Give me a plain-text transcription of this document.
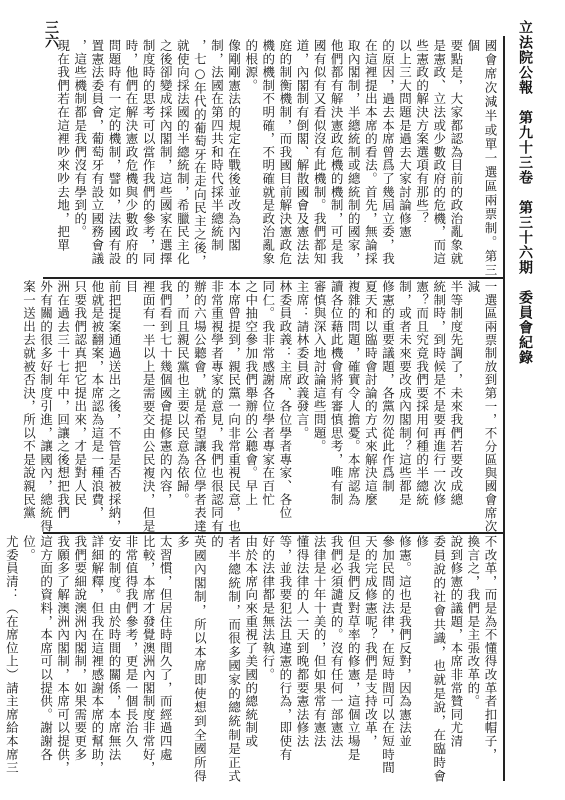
立法院公報　第九十三卷　第三十六期　委員會紀錄
三六
國會席次減半或單一選區兩票制。第三個
要點是，大家都認為目前的政治亂象就
是憲政、立法或少數政府的危機，而這
些憲政的解決方案選項有那些？
以上三大問題是過去大家討論修憲
的原因，過去本席曾爲了幾屆立委，我
在這裡提出本席的看法。首先，無論採
取內閣制，半總統制或總統制的國家，
他們都有解決憲政危機的機制，可是我
國有似有又看似沒有此機制。我們都知
道，內閣制有倒閣、解散國會及憲法法
庭的制衡機制，而我國目前解決憲政危
機的機制不明確，不明確就是政治亂象
的根源。
像剛剛憲法的規定在戰後並改為內閣
制，法國在第四共和時代採半總統制
，七○年代的葡萄牙在走向民主之後，
就使向採法國的半總統制，希臘民主化
之後卻變成採內閣制，這些國家在選擇
制度時的思考可以當作我們的參考，同
時，他們在解決憲政危機與少數政府的
問題時有一定的機制，譬如，法國有設
置憲法委員會，葡萄牙有設立國務會議
，這些機制都是我們沒有學到的。
現在我們若在這裡吵來吵去地，把單
一選區兩票制放到第一，不分區與國會席次減
半等制度先調了，未來我們若要改成總
統制時，到時候是不是要再進行一次修
憲？而且究竟我們要採用何種的半總統
制，或者未來要改成內閣制？這些都是
修憲的重要議題，各黨勿從此作爲制
夏天和以臨時會討論的方式來解決這麼
複雜的問題，確實令人擔憂。本席認為
讀各位藉此機會將有審慎思考，唯有制
審慎與深入地討論這些問題。
主席：請林委員政義發言。
林委員政義：主席、各位學者專家、各位
同仁。我非常感謝各位學者專家在百忙
之中抽空參加我們舉辦的公聽會。早上
本席曾提到，親民黨一向非常重視民意，也
非常重視學者專家的意見，我們也很認同有
辦的六場公聽會，就是希望讓各位學者表達
的，而且親民黨也主要以民意為依歸。
我們看到七十幾個國會提修憲的內容，
裡面有一半以上是需要交由公民複決，但是目
前把提案通過送出之後，不管是否被採納，
他就是被翻案，本席認為這是一種浪費，
只要我們認真把它提出來，才是對人民
洲在過去三十七年中，回讓之後想把我們
外有關的很多好制度引進，讓國內，總統得
案一送出去就被否決，所以不是說親民黨
不改革，而是為不懂得改革者扣帽子，
換言之，我們是主張改革的。
說到修憲的議題，本席非常贊同尤清
委員說的社會共識，也就是說，在臨時會修
修憲。這也是我們反對，因為憲法並
參加民間的法律，在短時間可以在短時間
天的完成修憲呢？我們是支持改革，
但是我們反對草率的修憲，這個立場是
我們必須譴責的。沒有任何一部憲法
法律是十年十美的，但如果常有憲法
懂得法律的人一天到晚都要憲法修法
等，並我要犯法且違憲的行為，即使有
好的法律都是無法執行。
由於本席向來重視了美國的總統制或
者半總統制，而很多國家的總統制是正式的
英國內閣制，所以本席即使想到全國所得多
太習慣，但居住時間久了，而經過四處
比較，本席才發覺澳洲內閣制度非常好，
非常值得我們參考，更是一個長治久
安的制度。由於時間的關係，本席無法
詳細解釋，但我在這裡感謝本席的幫助，
我們要細說澳洲內閣制，如果需要更多
我願多了解澳洲內閣制，本席可以提供，
這方面的資料，本席可以提供。謝謝各
位。
尤委員清：（在席位上）請主席給本席三
